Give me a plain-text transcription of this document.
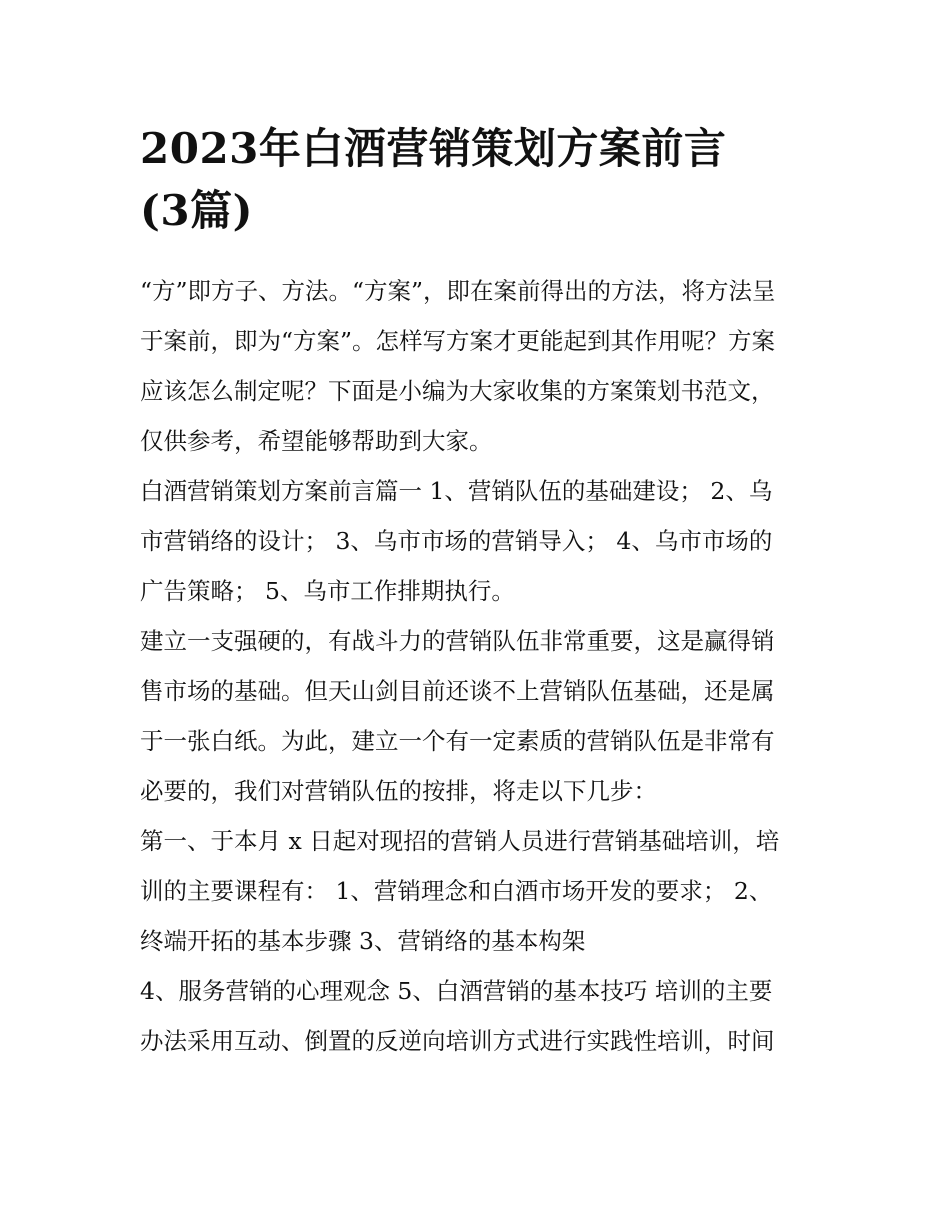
2023年白酒营销策划方案前言
(3篇)

“方”即方子、方法。“方案”，即在案前得出的方法，将方法呈
于案前，即为“方案”。怎样写方案才更能起到其作用呢？方案
应该怎么制定呢？下面是小编为大家收集的方案策划书范文，
仅供参考，希望能够帮助到大家。

白酒营销策划方案前言篇一 1、营销队伍的基础建设； 2、乌
市营销络的设计； 3、乌市市场的营销导入； 4、乌市市场的
广告策略； 5、乌市工作排期执行。

建立一支强硬的，有战斗力的营销队伍非常重要，这是赢得销
售市场的基础。但天山剑目前还谈不上营销队伍基础，还是属
于一张白纸。为此，建立一个有一定素质的营销队伍是非常有
必要的，我们对营销队伍的按排，将走以下几步：

第一、于本月 x 日起对现招的营销人员进行营销基础培训，培
训的主要课程有： 1、营销理念和白酒市场开发的要求； 2、
终端开拓的基本步骤 3、营销络的基本构架

4、服务营销的心理观念 5、白酒营销的基本技巧 培训的主要
办法采用互动、倒置的反逆向培训方式进行实践性培训，时间
